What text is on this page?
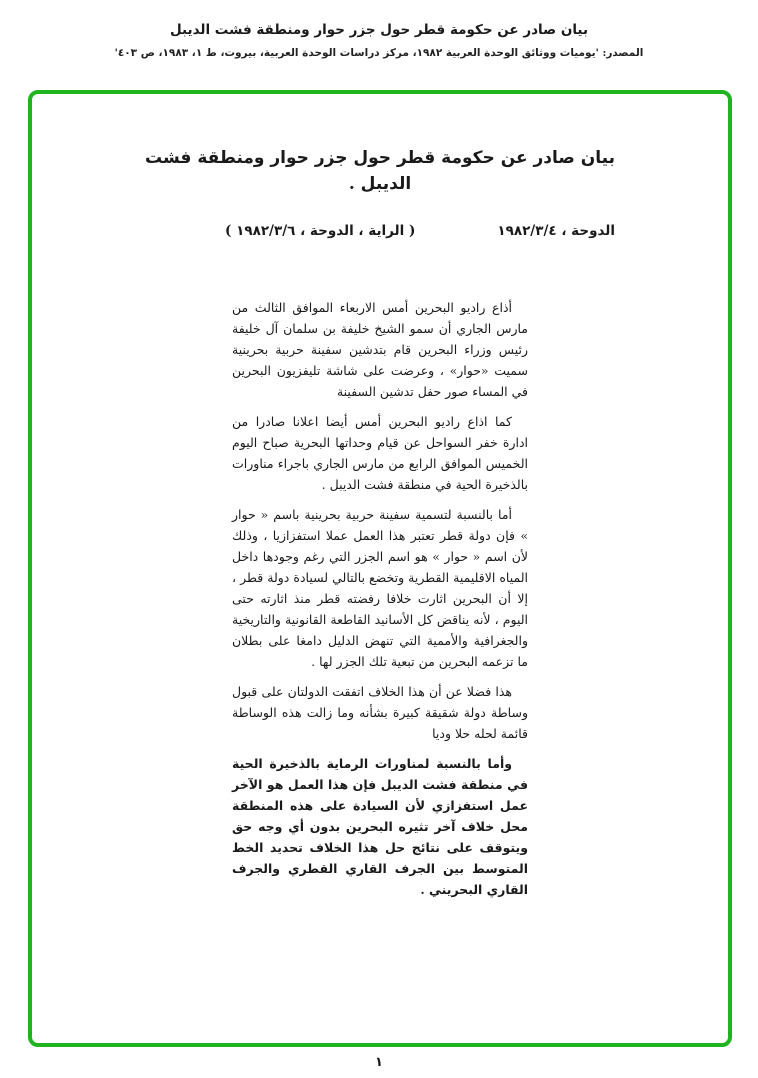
بيان صادر عن حكومة قطر حول جزر حوار ومنطقة فشت الديبل
المصدر: 'يوميات ووثائق الوحدة العربية ١٩٨٢، مركز دراسات الوحدة العربية، بيروت، ط ١، ١٩٨٣، ص ٤٠٣'
بيان صادر عن حكومة قطر حول جزر حوار ومنطقة فشت الديبل .
الدوحة ، ١٩٨٢/٣/٤
( الراية ، الدوحة ، ١٩٨٢/٣/٦ )

أذاع راديو البحرين أمس الاربعاء الموافق الثالث من مارس الجاري أن سمو الشيخ خليفة بن سلمان آل خليفة رئيس وزراء البحرين قام بتدشين سفينة حربية بحرينية سميت «حوار» ، وعرضت على شاشة تليفزيون البحرين في المساء صور حفل تدشين السفينة

كما اذاع راديو البحرين أمس أيضا اعلانا صادرا من ادارة خفر السواحل عن قيام وحداتها البحرية صباح اليوم الخميس الموافق الرابع من مارس الجاري باجراء مناورات بالذخيرة الحية في منطقة فشت الديبل .

أما بالنسبة لتسمية سفينة حربية بحرينية باسم « حوار » فإن دولة قطر تعتبر هذا العمل عملا استفزازيا ، وذلك لأن اسم « حوار » هو اسم الجزر التي رغم وجودها داخل المياه الاقليمية القطرية وتخضع بالتالي لسيادة دولة قطر ، إلا أن البحرين اثارت خلافا رفضته قطر منذ اثارته حتى اليوم ، لأنه يناقض كل الأسانيد القاطعة القانونية والتاريخية والجغرافية والأممية التي تنهض الدليل دامغا على بطلان ما تزعمه البحرين من تبعية تلك الجزر لها .

هذا فضلا عن أن هذا الخلاف اتفقت الدولتان على قبول وساطة دولة شقيقة كبيرة بشأنه وما زالت هذه الوساطة قائمة لحله حلا وديا

وأما بالنسبة لمناورات الرماية بالذخيرة الحية في منطقة فشت الديبل فإن هذا العمل هو الآخر عمل استفزازي لأن السيادة على هذه المنطقة محل خلاف آخر تثيره البحرين بدون أي وجه حق ويتوقف على نتائج حل هذا الخلاف تحديد الخط المتوسط بين الجرف القاري القطري والجرف القاري البحريني .

١
